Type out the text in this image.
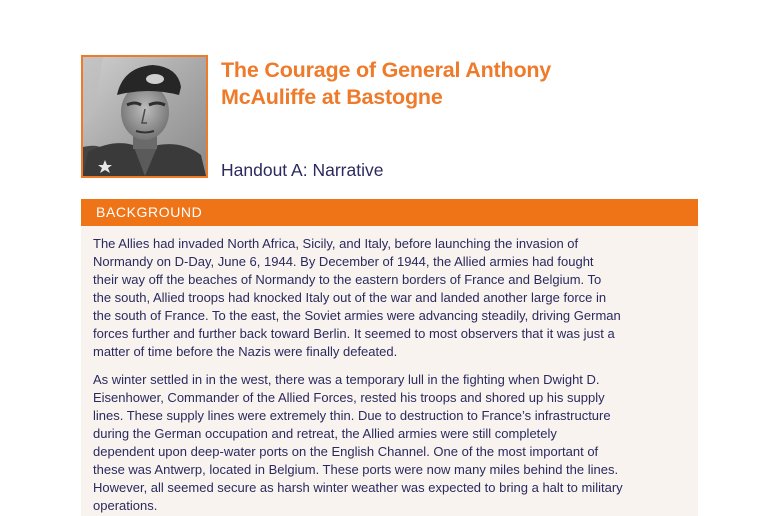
The Courage of General Anthony
McAuliffe at Bastogne
Handout A: Narrative
BACKGROUND

The Allies had invaded North Africa, Sicily, and Italy, before launching the invasion of
Normandy on D-Day, June 6, 1944. By December of 1944, the Allied armies had fought
their way off the beaches of Normandy to the eastern borders of France and Belgium. To
the south, Allied troops had knocked Italy out of the war and landed another large force in
the south of France. To the east, the Soviet armies were advancing steadily, driving German
forces further and further back toward Berlin. It seemed to most observers that it was just a
matter of time before the Nazis were finally defeated.

As winter settled in in the west, there was a temporary lull in the fighting when Dwight D.
Eisenhower, Commander of the Allied Forces, rested his troops and shored up his supply
lines. These supply lines were extremely thin. Due to destruction to France’s infrastructure
during the German occupation and retreat, the Allied armies were still completely
dependent upon deep-water ports on the English Channel. One of the most important of
these was Antwerp, located in Belgium. These ports were now many miles behind the lines.
However, all seemed secure as harsh winter weather was expected to bring a halt to military
operations.
